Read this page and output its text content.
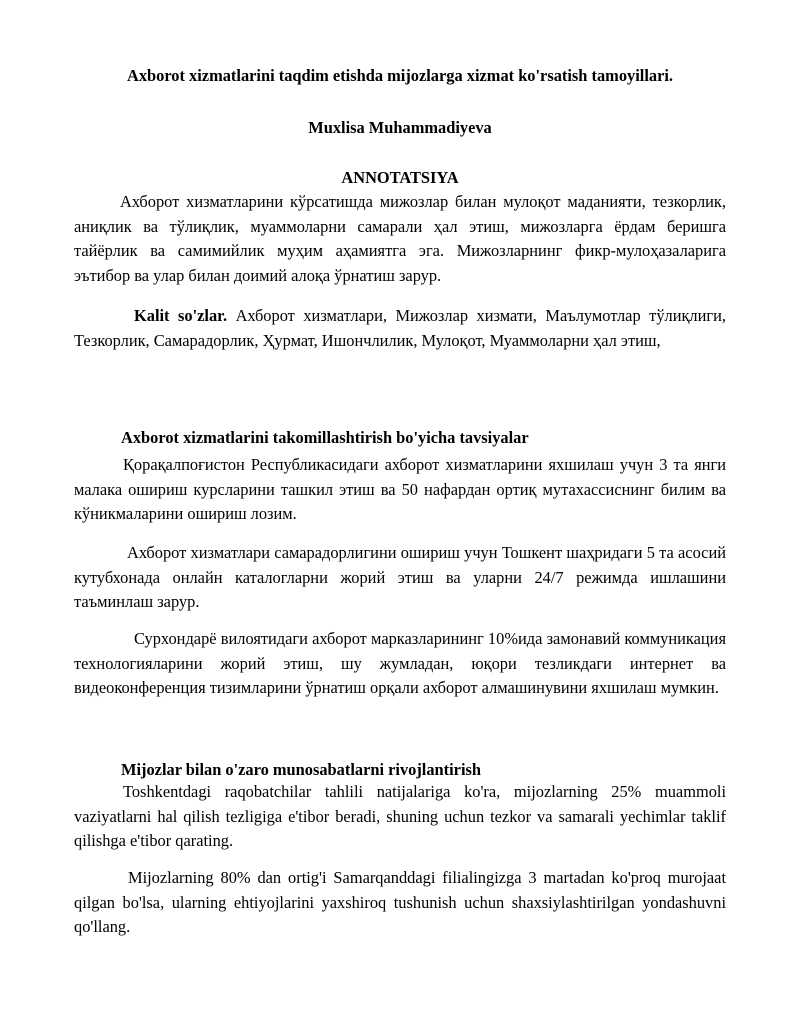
Axborot xizmatlarini taqdim etishda mijozlarga xizmat ko'rsatish tamoyillari.
Muxlisa Muhammadiyeva
ANNOTATSIYA
Ахборот хизматларини кўрсатишда мижозлар билан мулоқот маданияти, тезкорлик, аниқлик ва тўлиқлик, муаммоларни самарали ҳал этиш, мижозларга ёрдам беришга тайёрлик ва самимийлик муҳим аҳамиятга эга. Мижозларнинг фикр-мулоҳазаларига эътибор ва улар билан доимий алоқа ўрнатиш зарур.
Kalit so'zlar. Ахборот хизматлари, Мижозлар хизмати, Маълумотлар тўлиқлиги, Тезкорлик, Самарадорлик, Ҳурмат, Ишончлилик, Мулоқот, Муаммоларни ҳал этиш,
Axborot xizmatlarini takomillashtirish bo'yicha tavsiyalar
Қорақалпоғистон Республикасидаги ахборот хизматларини яхшилаш учун 3 та янги малака ошириш курсларини ташкил этиш ва 50 нафардан ортиқ мутахассиснинг билим ва кўникмаларини ошириш лозим.
Ахборот хизматлари самарадорлигини ошириш учун Тошкент шаҳридаги 5 та асосий кутубхонада онлайн каталогларни жорий этиш ва уларни 24/7 режимда ишлашини таъминлаш зарур.
Сурхондарё вилоятидаги ахборот марказларининг 10%ида замонавий коммуникация технологияларини жорий этиш, шу жумладан, юқори тезликдаги интернет ва видеоконференция тизимларини ўрнатиш орқали ахборот алмашинувини яхшилаш мумкин.
Mijozlar bilan o'zaro munosabatlarni rivojlantirish
Toshkentdagi raqobatchilar tahlili natijalariga ko'ra, mijozlarning 25% muammoli vaziyatlarni hal qilish tezligiga e'tibor beradi, shuning uchun tezkor va samarali yechimlar taklif qilishga e'tibor qarating.
Mijozlarning 80% dan ortig'i Samarqanddagi filialingizga 3 martadan ko'proq murojaat qilgan bo'lsa, ularning ehtiyojlarini yaxshiroq tushunish uchun shaxsiylashtirilgan yondashuvni qo'llang.
